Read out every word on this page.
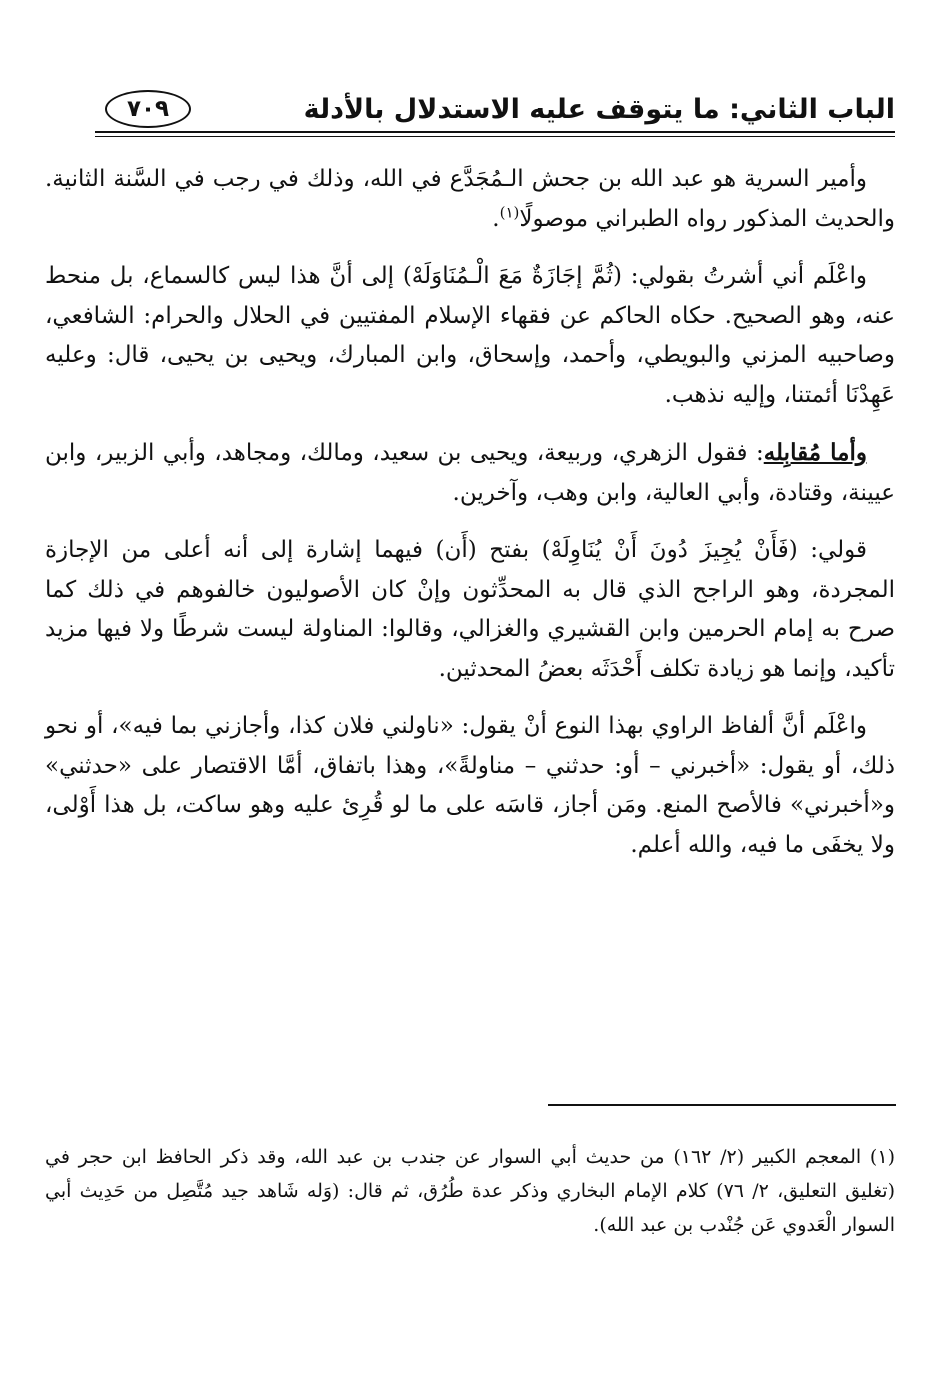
الباب الثاني: ما يتوقف عليه الاستدلال بالأدلة
٧٠٩

وأمير السرية هو عبد الله بن جحش الـمُجَدَّع في الله، وذلك في رجب في السَّنة الثانية. والحديث المذكور رواه الطبراني موصولًا$^{(١)}$.

واعْلَم أني أشرتُ بقولي: (ثُمَّ إجَازَةٌ مَعَ الْـمُنَاوَلَهْ) إلى أنَّ هذا ليس كالسماع، بل منحط عنه، وهو الصحيح. حكاه الحاكم عن فقهاء الإسلام المفتيين في الحلال والحرام: الشافعي، وصاحبيه المزني والبويطي، وأحمد، وإسحاق، وابن المبارك، ويحيى بن يحيى، قال: وعليه عَهِدْنَا أئمتنا، وإليه نذهب.

وأما مُقابِله: فقول الزهري، وربيعة، ويحيى بن سعيد، ومالك، ومجاهد، وأبي الزبير، وابن عيينة، وقتادة، وأبي العالية، وابن وهب، وآخرين.

قولي: (فَأَنْ يُجِيزَ دُونَ أَنْ يُنَاوِلَهْ) بفتح (أَن) فيهما إشارة إلى أنه أعلى من الإجازة المجردة، وهو الراجح الذي قال به المحدِّثون وإنْ كان الأصوليون خالفوهم في ذلك كما صرح به إمام الحرمين وابن القشيري والغزالي، وقالوا: المناولة ليست شرطًا ولا فيها مزيد تأكيد، وإنما هو زيادة تكلف أَحْدَثَه بعضُ المحدثين.

واعْلَم أنَّ ألفاظ الراوي بهذا النوع أنْ يقول: «ناولني فلان كذا، وأجازني بما فيه»، أو نحو ذلك، أو يقول: «أخبرني – أو: حدثني – مناولةً»، وهذا باتفاق، أمَّا الاقتصار على «حدثني» و«أخبرني» فالأصح المنع. ومَن أجاز، قاسَه على ما لو قُرِئ عليه وهو ساكت، بل هذا أَوْلى، ولا يخفَى ما فيه، والله أعلم.

(١) المعجم الكبير (٢/ ١٦٢) من حديث أبي السوار عن جندب بن عبد الله، وقد ذكر الحافظ ابن حجر في (تغليق التعليق، ٢/ ٧٦) كلام الإمام البخاري وذكر عدة طُرُق، ثم قال: (وَله شَاهد جيد مُتَّصِل من حَدِيث أبي السوار الْعَدوي عَن جُنْدب بن عبد الله).
